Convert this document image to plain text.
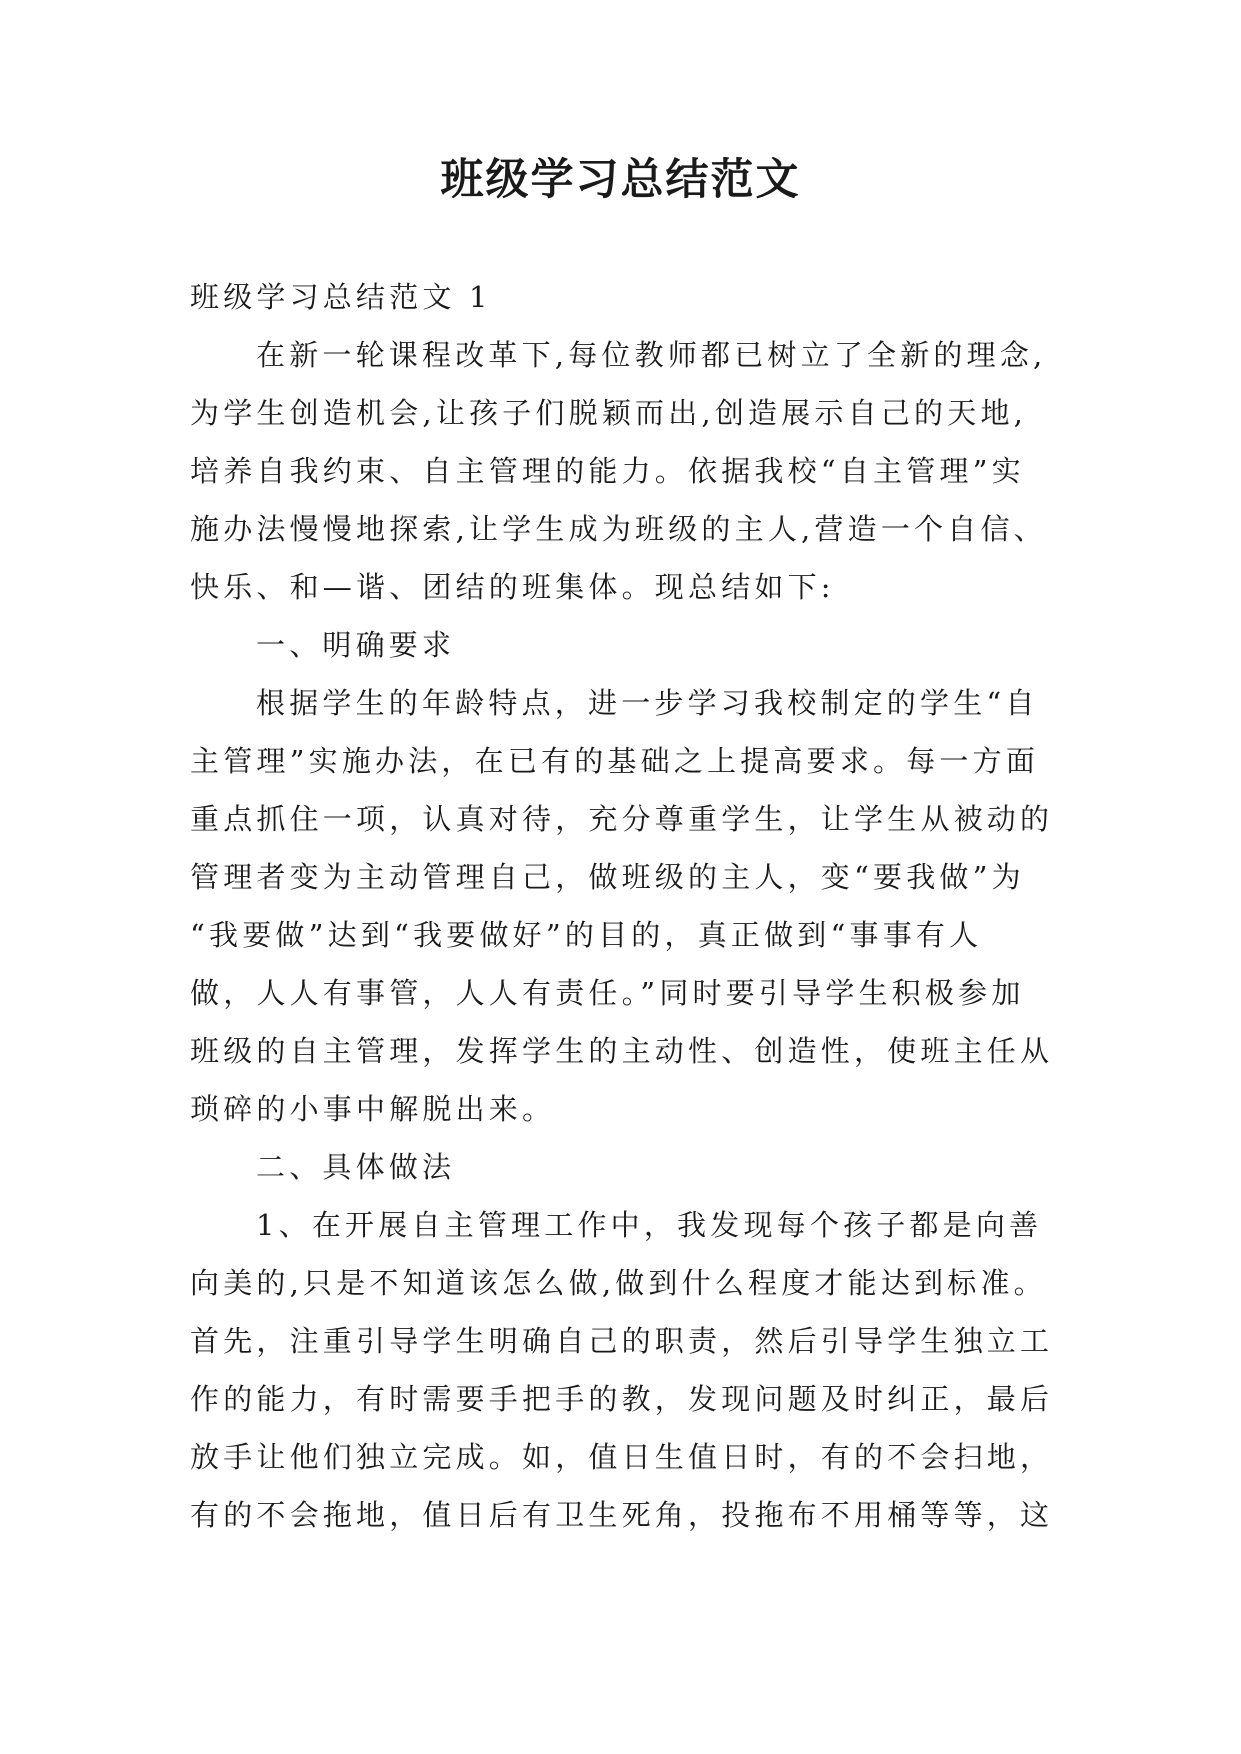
班级学习总结范文
班级学习总结范文 1
在新一轮课程改革下,每位教师都已树立了全新的理念,
为学生创造机会,让孩子们脱颖而出,创造展示自己的天地,
培养自我约束、自主管理的能力。依据我校“自主管理”实
施办法慢慢地探索,让学生成为班级的主人,营造一个自信、
快乐、和—谐、团结的班集体。现总结如下:
一、明确要求
根据学生的年龄特点，进一步学习我校制定的学生“自
主管理”实施办法，在已有的基础之上提高要求。每一方面
重点抓住一项，认真对待，充分尊重学生，让学生从被动的
管理者变为主动管理自己，做班级的主人，变“要我做”为
“我要做”达到“我要做好”的目的，真正做到“事事有人
做，人人有事管，人人有责任。”同时要引导学生积极参加
班级的自主管理，发挥学生的主动性、创造性，使班主任从
琐碎的小事中解脱出来。
二、具体做法
1、在开展自主管理工作中，我发现每个孩子都是向善
向美的,只是不知道该怎么做,做到什么程度才能达到标准。
首先，注重引导学生明确自己的职责，然后引导学生独立工
作的能力，有时需要手把手的教，发现问题及时纠正，最后
放手让他们独立完成。如，值日生值日时，有的不会扫地，
有的不会拖地，值日后有卫生死角，投拖布不用桶等等，这
